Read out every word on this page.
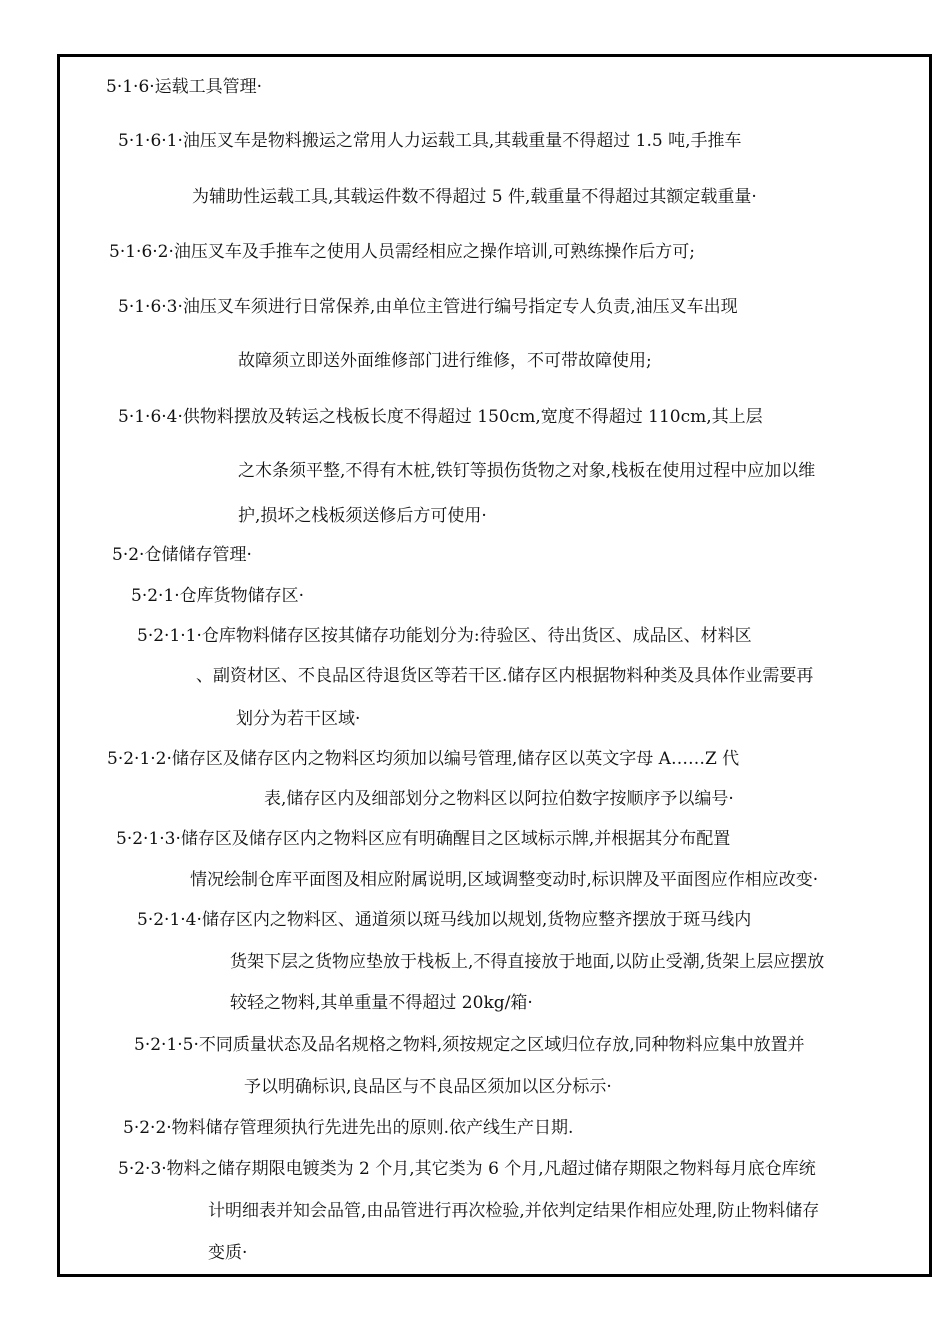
5·1·6·运载工具管理·
5·1·6·1·油压叉车是物料搬运之常用人力运载工具,其载重量不得超过 1.5 吨,手推车
为辅助性运载工具,其载运件数不得超过 5 件,载重量不得超过其额定载重量·
5·1·6·2·油压叉车及手推车之使用人员需经相应之操作培训,可熟练操作后方可;
5·1·6·3·油压叉车须进行日常保养,由单位主管进行编号指定专人负责,油压叉车出现
故障须立即送外面维修部门进行维修，不可带故障使用;
5·1·6·4·供物料摆放及转运之栈板长度不得超过 150cm,宽度不得超过 110cm,其上层
之木条须平整,不得有木桩,铁钉等损伤货物之对象,栈板在使用过程中应加以维
护,损坏之栈板须送修后方可使用·
5·2·仓储储存管理·
5·2·1·仓库货物储存区·
5·2·1·1·仓库物料储存区按其储存功能划分为:待验区、待出货区、成品区、材料区
、副资材区、不良品区待退货区等若干区.储存区内根据物料种类及具体作业需要再
划分为若干区域·
5·2·1·2·储存区及储存区内之物料区均须加以编号管理,储存区以英文字母 A……Z 代
表,储存区内及细部划分之物料区以阿拉伯数字按顺序予以编号·
5·2·1·3·储存区及储存区内之物料区应有明确醒目之区域标示牌,并根据其分布配置
情况绘制仓库平面图及相应附属说明,区域调整变动时,标识牌及平面图应作相应改变·
5·2·1·4·储存区内之物料区、通道须以斑马线加以规划,货物应整齐摆放于斑马线内
货架下层之货物应垫放于栈板上,不得直接放于地面,以防止受潮,货架上层应摆放
较轻之物料,其单重量不得超过 20kg/箱·
5·2·1·5·不同质量状态及品名规格之物料,须按规定之区域归位存放,同种物料应集中放置并
予以明确标识,良品区与不良品区须加以区分标示·
5·2·2·物料储存管理须执行先进先出的原则.依产线生产日期.
5·2·3·物料之储存期限电镀类为 2 个月,其它类为 6 个月,凡超过储存期限之物料每月底仓库统
计明细表并知会品管,由品管进行再次检验,并依判定结果作相应处理,防止物料储存
变质·
